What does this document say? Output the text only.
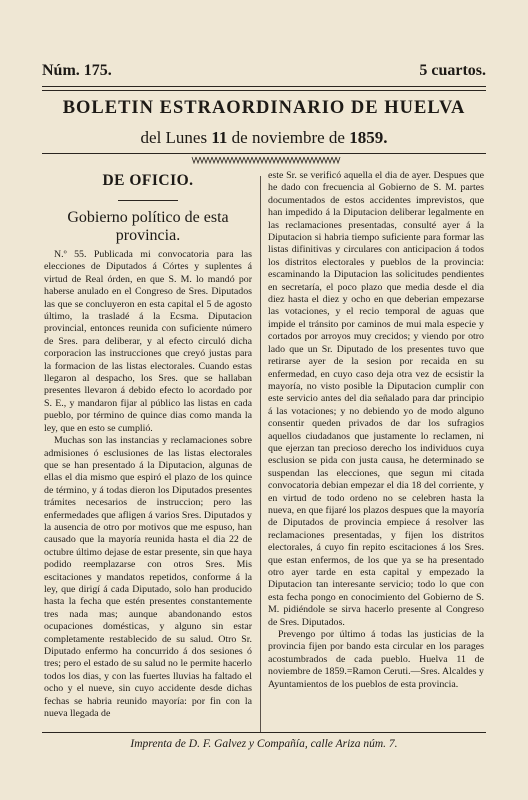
Núm. 175.	5 cuartos.
BOLETIN ESTRAORDINARIO DE HUELVA
del Lunes 11 de noviembre de 1859.
DE OFICIO.
Gobierno político de esta
provincia.

N.º 55. Publicada mi convocatoria para las elecciones de Diputados á Córtes y suplentes á virtud de Real órden, en que S. M. lo mandó por haberse anulado en el Congreso de Sres. Diputados las que se concluyeron en esta capital el 5 de agosto último, la trasladé á la Ecsma. Diputacion provincial, entonces reunida con suficiente número de Sres. para deliberar, y al efecto circuló dicha corporacion las instrucciones que creyó justas para la formacion de las listas electorales. Cuando estas llegaron al despacho, los Sres. que se hallaban presentes llevaron á debido efecto lo acordado por S. E., y mandaron fijar al público las listas en cada pueblo, por término de quince dias como manda la ley, que en esto se cumplió.

Muchas son las instancias y reclamaciones sobre admisiones ó esclusiones de las listas electorales que se han presentado á la Diputacion, algunas de ellas el dia mismo que espiró el plazo de los quince de término, y á todas dieron los Diputados presentes trámites necesarios de instruccion; pero las enfermedades que afligen á varios Sres. Diputados y la ausencia de otro por motivos que me espuso, han causado que la mayoría reunida hasta el dia 22 de octubre último dejase de estar presente, sin que haya podido reemplazarse con otros Sres. Mis escitaciones y mandatos repetidos, conforme á la ley, que dirigí á cada Diputado, solo han producido hasta la fecha que estén presentes constantemente tres nada mas; aunque abandonando estos ocupaciones domésticas, y alguno sin estar completamente restablecido de su salud. Otro Sr. Diputado enfermo ha concurrido á dos sesiones ó tres; pero el estado de su salud no le permite hacerlo todos los dias, y con las fuertes lluvias ha faltado el ocho y el nueve, sin cuyo accidente desde dichas fechas se habria reunido mayoría: por fin con la nueva llegada de

este Sr. se verificó aquella el dia de ayer. Despues que he dado con frecuencia al Gobierno de S. M. partes documentados de estos accidentes imprevistos, que han impedido á la Diputacion deliberar legalmente en las reclamaciones presentadas, consulté ayer á la Diputacion si habria tiempo suficiente para formar las listas difinitivas y circulares con anticipacion á todos los distritos electorales y pueblos de la provincia: escaminando la Diputacion las solicitudes pendientes en secretaría, el poco plazo que media desde el dia diez hasta el diez y ocho en que deberian empezarse las votaciones, y el recio temporal de aguas que impide el tránsito por caminos de mui mala especie y cortados por arroyos muy crecidos; y viendo por otro lado que un Sr. Diputado de los presentes tuvo que retirarse ayer de la sesion por recaida en su enfermedad, en cuyo caso deja otra vez de ecsistir la mayoría, no visto posible la Diputacion cumplir con este servicio antes del dia señalado para dar principio á las votaciones; y no debiendo yo de modo alguno consentir queden privados de dar los sufragios aquellos ciudadanos que justamente lo reclamen, ni que ejerzan tan precioso derecho los individuos cuya esclusion se pida con justa causa, he determinado se suspendan las elecciones, que segun mi citada convocatoria debian empezar el dia 18 del corriente, y en virtud de todo ordeno no se celebren hasta la nueva, en que fijaré los plazos despues que la mayoría de Diputados de provincia empiece á resolver las reclamaciones presentadas, y fijen los distritos electorales, á cuyo fin repito escitaciones á los Sres. que estan enfermos, de los que ya se ha presentado otro ayer tarde en esta capital y empezado la Diputacion tan interesante servicio; todo lo que con esta fecha pongo en conocimiento del Gobierno de S. M. pidiéndole se sirva hacerlo presente al Congreso de Sres. Diputados.

Prevengo por último á todas las justicias de la provincia fijen por bando esta circular en los parages acostumbrados de cada pueblo. Huelva 11 de noviembre de 1859.=Ramon Ceruti.—Sres. Alcaldes y Ayuntamientos de los pueblos de esta provincia.

Imprenta de D. F. Galvez y Compañía, calle Ariza núm. 7.
